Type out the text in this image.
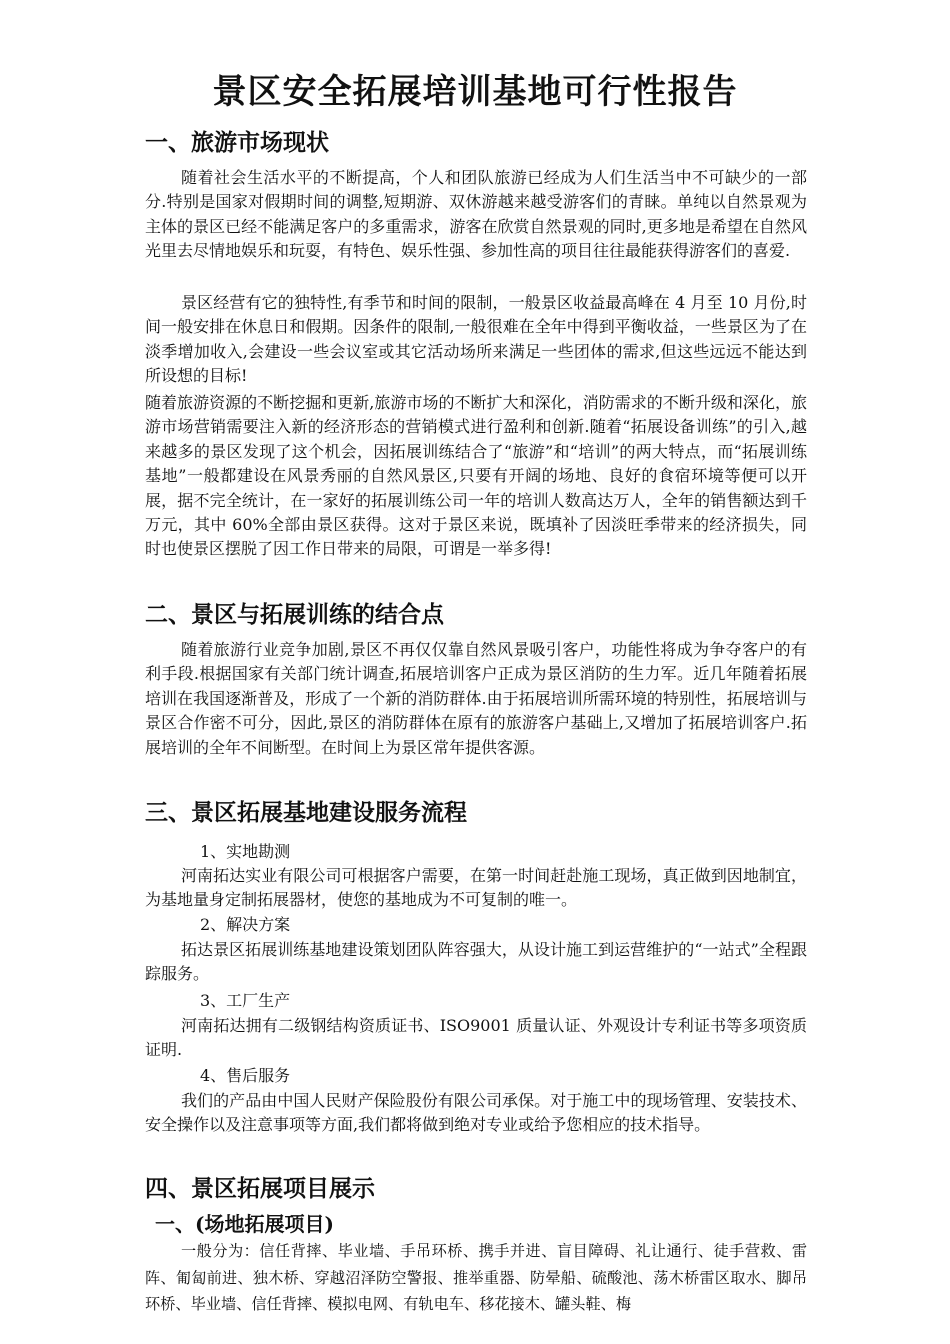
景区安全拓展培训基地可行性报告
一、旅游市场现状

随着社会生活水平的不断提高，个人和团队旅游已经成为人们生活当中不可缺少的一部分.特别是国家对假期时间的调整,短期游、双休游越来越受游客们的青睐。单纯以自然景观为主体的景区已经不能满足客户的多重需求，游客在欣赏自然景观的同时,更多地是希望在自然风光里去尽情地娱乐和玩耍，有特色、娱乐性强、参加性高的项目往往最能获得游客们的喜爱.

景区经营有它的独特性,有季节和时间的限制，一般景区收益最高峰在 4 月至 10 月份,时间一般安排在休息日和假期。因条件的限制,一般很难在全年中得到平衡收益，一些景区为了在淡季增加收入,会建设一些会议室或其它活动场所来满足一些团体的需求,但这些远远不能达到所设想的目标!

随着旅游资源的不断挖掘和更新,旅游市场的不断扩大和深化，消防需求的不断升级和深化，旅游市场营销需要注入新的经济形态的营销模式进行盈利和创新.随着“拓展设备训练”的引入,越来越多的景区发现了这个机会，因拓展训练结合了“旅游”和“培训”的两大特点，而“拓展训练基地”一般都建设在风景秀丽的自然风景区,只要有开阔的场地、良好的食宿环境等便可以开展，据不完全统计，在一家好的拓展训练公司一年的培训人数高达万人，全年的销售额达到千万元，其中 60%全部由景区获得。这对于景区来说，既填补了因淡旺季带来的经济损失，同时也使景区摆脱了因工作日带来的局限，可谓是一举多得!

二、景区与拓展训练的结合点

随着旅游行业竞争加剧,景区不再仅仅靠自然风景吸引客户，功能性将成为争夺客户的有利手段.根据国家有关部门统计调查,拓展培训客户正成为景区消防的生力军。近几年随着拓展培训在我国逐渐普及，形成了一个新的消防群体.由于拓展培训所需环境的特别性，拓展培训与景区合作密不可分，因此,景区的消防群体在原有的旅游客户基础上,又增加了拓展培训客户.拓展培训的全年不间断型。在时间上为景区常年提供客源。

三、景区拓展基地建设服务流程
1、实地勘测

河南拓达实业有限公司可根据客户需要，在第一时间赶赴施工现场，真正做到因地制宜，为基地量身定制拓展器材，使您的基地成为不可复制的唯一。

2、解决方案

拓达景区拓展训练基地建设策划团队阵容强大，从设计施工到运营维护的“一站式”全程跟踪服务。

3、工厂生产

河南拓达拥有二级钢结构资质证书、ISO9001 质量认证、外观设计专利证书等多项资质证明.

4、售后服务

我们的产品由中国人民财产保险股份有限公司承保。对于施工中的现场管理、安装技术、安全操作以及注意事项等方面,我们都将做到绝对专业或给予您相应的技术指导。

四、景区拓展项目展示
一、(场地拓展项目)

一般分为：信任背摔、毕业墙、手吊环桥、携手并进、盲目障碍、礼让通行、徒手营救、雷阵、匍匐前进、独木桥、穿越沼泽防空警报、推举重器、防晕船、硫酸池、荡木桥雷区取水、脚吊环桥、毕业墙、信任背摔、模拟电网、有轨电车、移花接木、罐头鞋、梅
